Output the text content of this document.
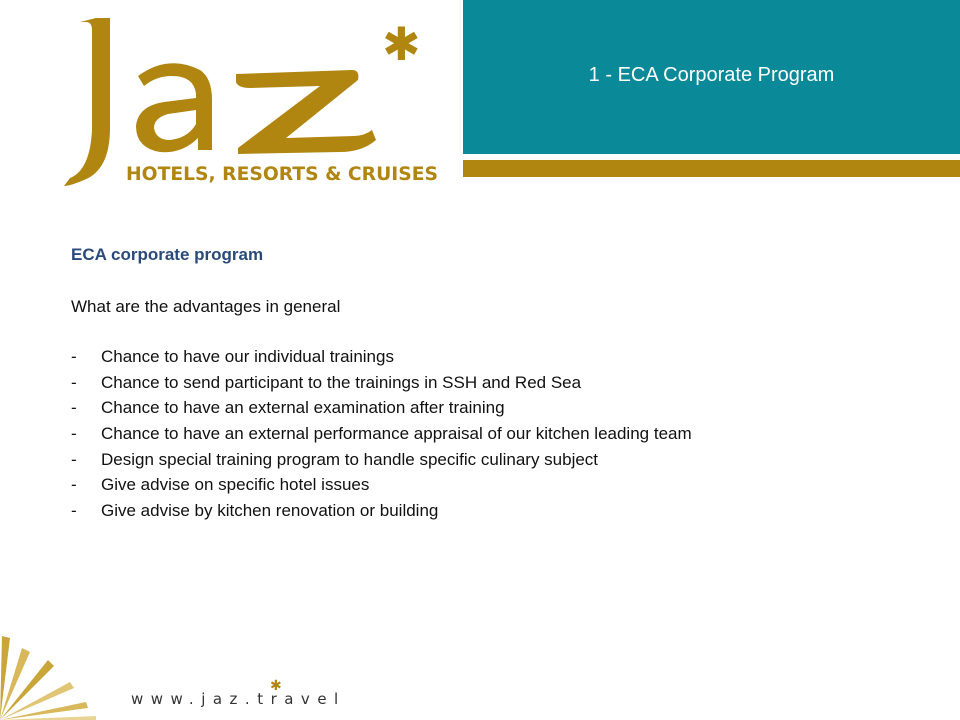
✱
HOTELS, RESORTS & CRUISES
1 - ECA Corporate Program

ECA corporate program

What are the advantages in general

-	Chance to have our individual trainings
-	Chance to send participant to the trainings in SSH and Red Sea
-	Chance to have an external examination after training
-	Chance to have an external performance appraisal of our kitchen leading team
-	Design special training program to handle specific culinary subject
-	Give advise on specific hotel issues
-	Give advise by kitchen renovation or building
www.jaz.travel
✱
